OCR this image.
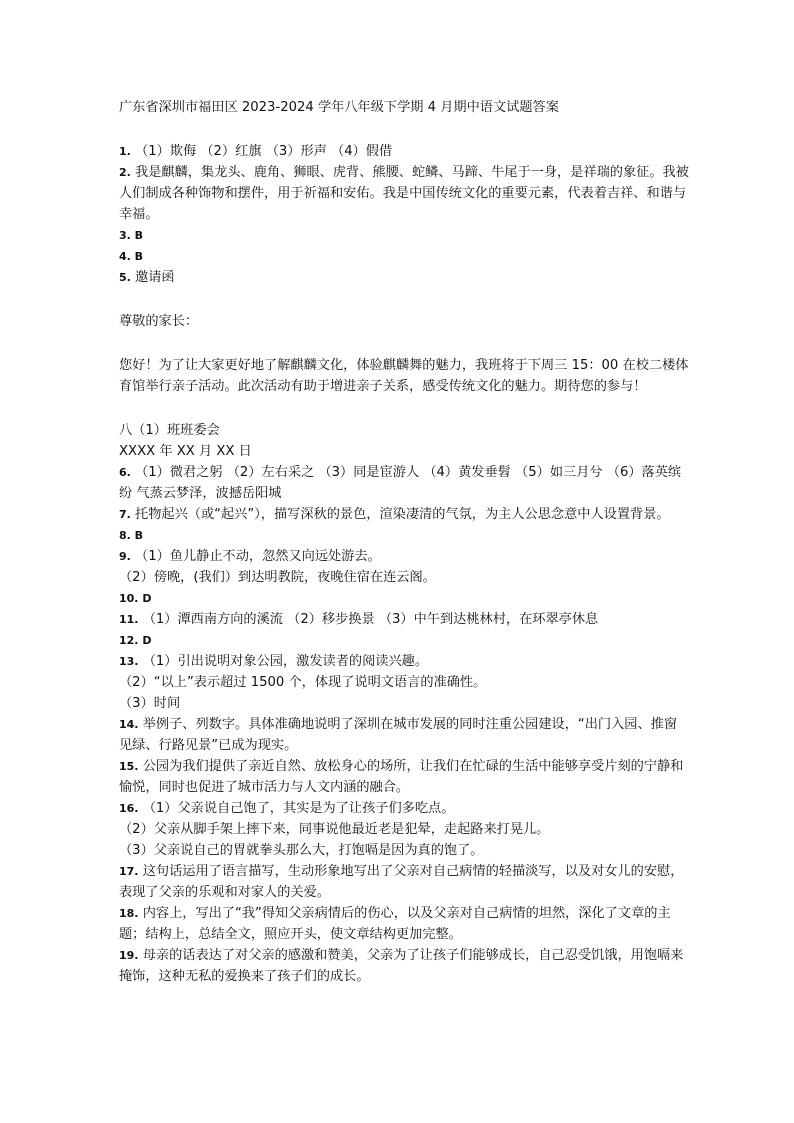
广东省深圳市福田区 2023-2024 学年八年级下学期 4 月期中语文试题答案

1. （1）欺侮 （2）红旗 （3）形声 （4）假借

2. 我是麒麟，集龙头、鹿角、狮眼、虎背、熊腰、蛇鳞、马蹄、牛尾于一身，是祥瑞的象征。我被人们制成各种饰物和摆件，用于祈福和安佑。我是中国传统文化的重要元素，代表着吉祥、和谐与幸福。

3. B

4. B

5. 邀请函

尊敬的家长：

您好！为了让大家更好地了解麒麟文化，体验麒麟舞的魅力，我班将于下周三 15：00 在校二楼体育馆举行亲子活动。此次活动有助于增进亲子关系，感受传统文化的魅力。期待您的参与！

八（1）班班委会

XXXX 年 XX 月 XX 日

6. （1）微君之躬 （2）左右采之 （3）同是宦游人 （4）黄发垂髫 （5）如三月兮 （6）落英缤纷 气蒸云梦泽，波撼岳阳城

7. 托物起兴（或“起兴”），描写深秋的景色，渲染凄清的气氛，为主人公思念意中人设置背景。

8. B

9. （1）鱼儿静止不动，忽然又向远处游去。

（2）傍晚，(我们）到达明教院，夜晚住宿在连云阁。

10. D

11. （1）潭西南方向的溪流 （2）移步换景 （3）中午到达桃林村，在环翠亭休息

12. D

13. （1）引出说明对象公园，激发读者的阅读兴趣。

（2）“以上”表示超过 1500 个，体现了说明文语言的准确性。

（3）时间

14. 举例子、列数字。具体准确地说明了深圳在城市发展的同时注重公园建设，“出门入园、推窗见绿、行路见景”已成为现实。

15. 公园为我们提供了亲近自然、放松身心的场所，让我们在忙碌的生活中能够享受片刻的宁静和愉悦，同时也促进了城市活力与人文内涵的融合。

16. （1）父亲说自己饱了，其实是为了让孩子们多吃点。

（2）父亲从脚手架上摔下来，同事说他最近老是犯晕，走起路来打晃儿。

（3）父亲说自己的胃就拳头那么大，打饱嗝是因为真的饱了。

17. 这句话运用了语言描写，生动形象地写出了父亲对自己病情的轻描淡写，以及对女儿的安慰，表现了父亲的乐观和对家人的关爱。

18. 内容上，写出了“我”得知父亲病情后的伤心，以及父亲对自己病情的坦然，深化了文章的主题；结构上，总结全文，照应开头，使文章结构更加完整。

19. 母亲的话表达了对父亲的感激和赞美，父亲为了让孩子们能够成长，自己忍受饥饿，用饱嗝来掩饰，这种无私的爱换来了孩子们的成长。
